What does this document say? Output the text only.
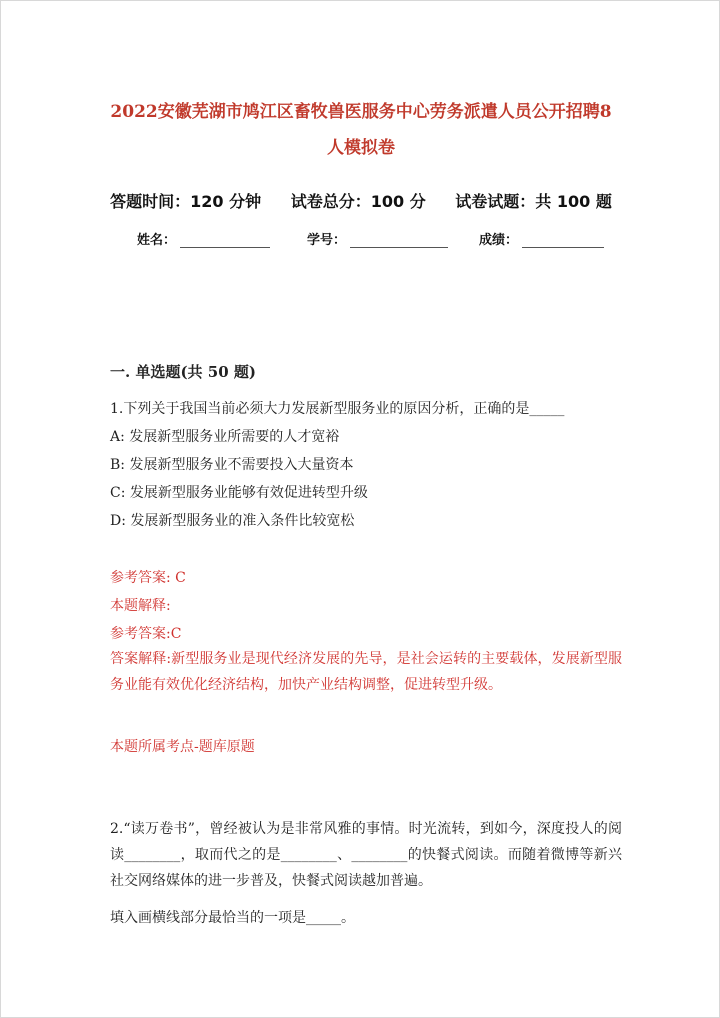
2022安徽芜湖市鸠江区畜牧兽医服务中心劳务派遣人员公开招聘8
人模拟卷
答题时间：120 分钟 试卷总分：100 分 试卷试题：共 100 题
姓名：	学号：	成绩：
一. 单选题(共 50 题)
1.下列关于我国当前必须大力发展新型服务业的原因分析，正确的是_____
A: 发展新型服务业所需要的人才宽裕
B: 发展新型服务业不需要投入大量资本
C: 发展新型服务业能够有效促进转型升级
D: 发展新型服务业的准入条件比较宽松
参考答案: C
本题解释:
参考答案:C
答案解释:新型服务业是现代经济发展的先导，是社会运转的主要载体，发展新型服务业能有效优化经济结构，加快产业结构调整，促进转型升级。
本题所属考点-题库原题
2.“读万卷书”，曾经被认为是非常风雅的事情。时光流转，到如今，深度投人的阅读________，取而代之的是________、________的快餐式阅读。而随着微博等新兴社交网络媒体的进一步普及，快餐式阅读越加普遍。
填入画横线部分最恰当的一项是_____。
